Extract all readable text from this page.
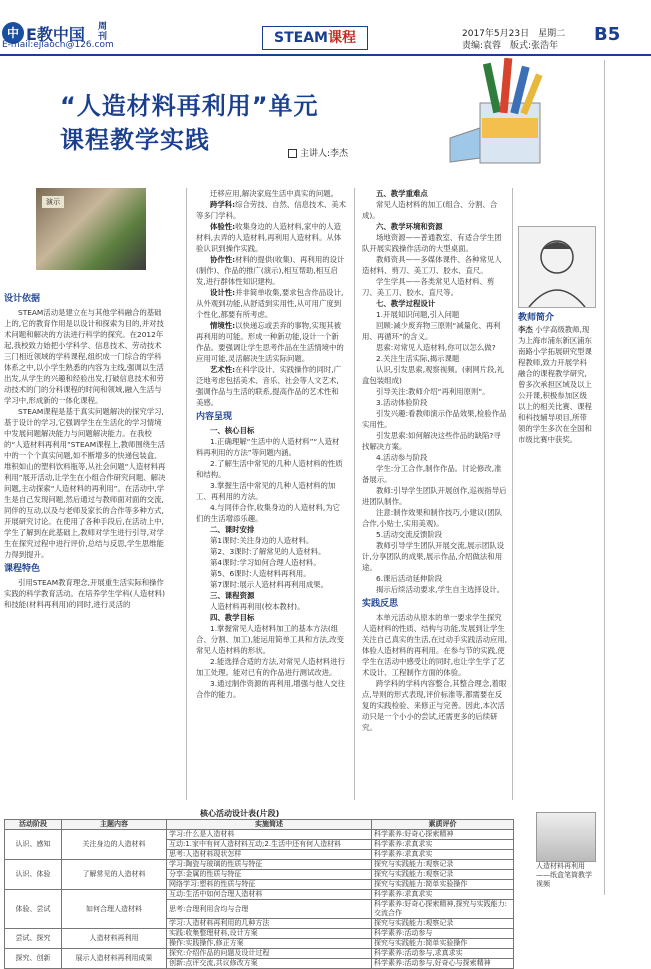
中 E教中国 周刊
E-mail:ejiaocn@126.com	STEAM课程	2017年5月23日　星期二
责编:袁蓉　版式:张浩年
B5
“人造材料再利用”单元
课程教学实践	主讲人:李杰
演示

设计依据

STEAM活动是建立在与其他学科融合的基础上的,它的教育作用是以设计和探索为目的,并对技术问题和解决的方法进行科学的探究。在2012年起,我校致力始把小学科学、信息技术、劳动技术三门相近领域的学科课程,组织成一门综合的学科体系之中,以小学生熟悉的内容为主线,强调以生活出发,从学生的兴趣和经验出发,打破信息技术和劳动技术的门的分科课程的时间和领域,融入生活与学习中,形成新的一体化课程。

STEAM课程是基于真实问题解决的探究学习,基于设计的学习,它强调学生在生活化的学习情境中发展问题解决能力与问题解决能力。在我校的“人造材料再利用”STEAM课程上,教师围绕生活中的一个个真实问题,如不断增多的快递包装盒、堆积如山的塑料饮料瓶等,从社会问题“人造材料再利用”展开活动,让学生在小组合作研究问题、解决问题,主动探索“人造材料的再利用”。在活动中,学生是自己发现问题,然后通过与教师面对面的交流,同伴的互动,以及与老师及家长的合作等多种方式,开展研究讨论。在使用了各种手段后,在活动上中,学生了解到在此基础上,教师对学生进行引导,对学生在探究过程中进行评价,总结与反思,学生思维能力得到提升。

课程特色

引用STEAM教育理念,开展重生活实际和操作实践的科学教育活动。在培养学生学科(人造材料)和技能(材料再利用)的同时,进行灵活的

迁移应用,解决家庭生活中真实的问题。

跨学科:综合劳技、自然、信息技术、美术等多门学科。

体验性:收集身边的人造材料,家中的人造材料,去弄的人造材料,再利用人造材料。从体验认识到操作实践。

协作性:材料的提供(收集)、再利用的设计(制作)、作品的推广(演示),相互帮助,相互启发,进行群体性知识建构。

设计性:并非简单收集,要求包含作品设计,从外观到功能,从舒适到实用性,从可用广度到个性化,都要有所考虑。

情境性:以快递忘或丢弃的事物,实现其被再利用的可能。形成一种新功能,设计一个新作品。要强调让学生思考作品在生活情境中的应用可能,灵活解决生活实际问题。

艺术性:在科学设计、实践操作的同时,广泛地考虑包括美术、音乐、社会等人文艺术,强调作品与生活的联系,提高作品的艺术性和美感。

内容呈现

一、核心目标

1.正确理解“生活中的人造材料”“人造材料再利用的方法”等问题内涵。

2.了解生活中常见的几种人造材料的性质和结构。

3.掌握生活中常见的几种人造材料的加工、再利用的方法。

4.与同伴合作,收集身边的人造材料,为它们的生活增添乐趣。

二、课时安排

第1课时:关注身边的人造材料。

第2、3课时:了解常见的人造材料。

第4课时:学习如何合理人造材料。

第5、6课时:人造材料再利用。

第7课时:展示人造材料再利用成果。

三、课程资源

人造材料再利用(校本教材)。

四、教学目标

1.掌握常见人造材料加工的基本方法(组合、分割、加工),能运用简单工具和方法,改变常见人造材料的形状。

2.能选择合适的方法,对常见人造材料进行加工处理。能对已有的作品进行测试改进。

3.通过制作资源的再利用,增强与他人交往合作的能力。

五、教学重难点

常见人造材料的加工(组合、分割、合成)。

六、教学环境和资源

场地资源——普通教室、有适合学生团队开展实践操作活动的大型桌面。

教师资具——多媒体课件、各种常见人造材料、剪刀、美工刀、胶水、直尺。

学生学具——各类常见人造材料、剪刀、美工刀、胶水、直尺等。

七、教学过程设计

1.开展知识问题,引入问题

回顾:减少废弃物三原则“减量化、再利用、再循环”的含义。

思索:对常见人造材料,你可以怎么做?

2.关注生活实际,揭示课题

认识,引发思索,观察视频。(刺网片段,礼盒包装组成)

引导关注:教师介绍“再利用原则”。

3.活动体验阶段

引发兴趣:看教师演示作品效果,检验作品实用性。

引发思索:如何解决这些作品的缺陷?寻找解决方案。

4.活动参与阶段

学生:分工合作,制作作品。讨论修改,准备展示。

教师:引导学生团队开展创作,巡视指导后进团队制作。

注意:制作效果和制作技巧,小建议(团队合作,小贴士,实用美观)。

5.活动交流反馈阶段

教师引导学生团队开展交流,展示团队设计,分享团队的成果,展示作品,介绍做法和用途。

6.课后活动延伸阶段

揭示后续活动要求,学生自主选择设计。

实践反思

本单元活动从原本的单一要求学生探究人造材料的性质、结构与功能,发展到让学生关注自己真实的生活,在过动手实践活动应用,体验人造材料的再利用。在参与节的实践,使学生在活动中感受让的同时,也让学生学了艺术设计、工程制作方面的体验。

跨学科的学科内容整合,其整合理念,着眼点,导则的形式表现,评价标准等,都需要在反复的实践检验、来修正与完善。因此,本次活动只是一个小小的尝试,还需更多的后续研究。

教师简介

李杰 小学高级教师,现为上海市浦东新区浦东南路小学拓展研究型课程教师,致力开展学科融合的课程教学研究,曾多次承担区域及以上公开课,积极参加区级以上的相关比赛、课程和科技辅导项目,所带领的学生多次在全国和市级比赛中获奖。

人造材料再利用——纸盒笔筒教学视频
核心活动设计表(片段)
活动阶段	主题内容	实施简述	素质评价
认识、感知	关注身边的人造材料	学习:什么是人造材料	科学素养:好奇心探索精神
		互动:1.家中有何人造材料互动;2.生活中还有何人造材料	科学素养:求真求实
		思考:人造材料现状怎样	科学素养:求真求实
认识、体验	了解常见的人造材料	学习:陶瓷与玻璃的性质与特征	探究与实践能力:观察记录
		分享:金属的性质与特征	探究与实践能力:观察记录
		网络学习:塑料的性质与特征	探究与实践能力:简单实验操作
体验、尝试	如何合理人造材料	互动:生活中如何合理人造材料	科学素养:求真求实
		思考:合理利用含均与合理	科学素养:好奇心探索精神,探究与实践能力:交流合作
		学习:人造材料再利用的几种方法	探究与实践能力:观察记录
尝试、探究	人造材料再利用	实践:收集整理材料,设计方案	科学素养:活动参与
		操作:实践操作,修正方案	探究与实践能力:简单实验操作
探究、创新	展示人造材料再利用成果	探究:介绍作品的问题及设计过程	科学素养:活动参与,求真求实
		创新:点评交流,共议修改方案	科学素养:活动参与,好奇心与探索精神
